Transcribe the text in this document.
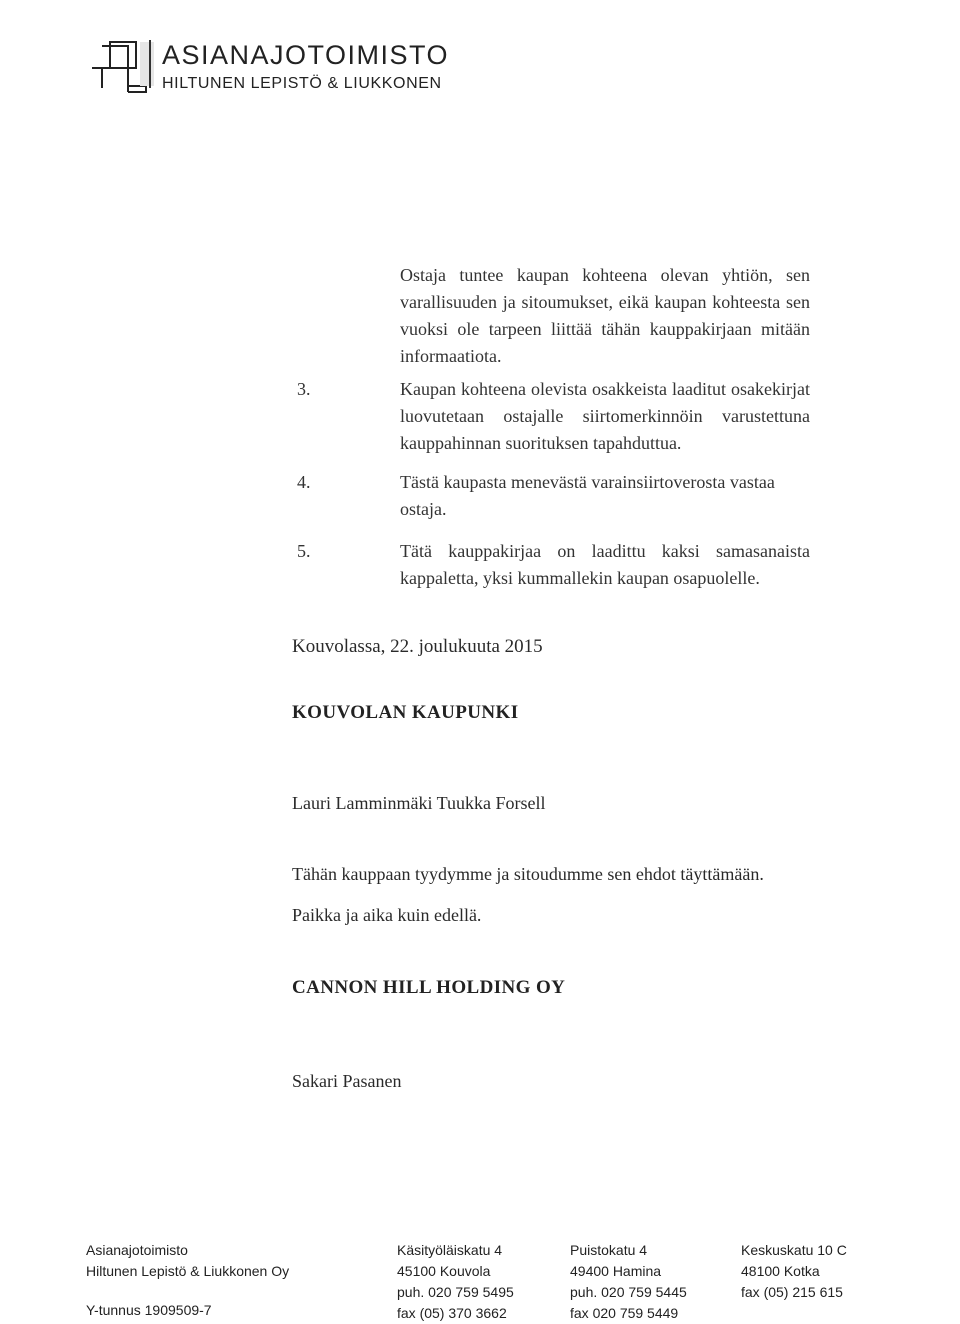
ASIANAJOTOIMISTO
HILTUNEN LEPISTÖ & LIUKKONEN
Ostaja tuntee kaupan kohteena olevan yhtiön, sen varallisuuden ja sitoumukset, eikä kaupan kohteesta sen vuoksi ole tarpeen liittää tähän kauppakirjaan mitään informaatiota.
3.	Kaupan kohteena olevista osakkeista laaditut osakekirjat luovutetaan ostajalle siirtomerkinnöin varustettuna kauppahinnan suorituksen tapahduttua.
4.	Tästä kaupasta menevästä varainsiirtoverosta vastaa ostaja.
5.	Tätä kauppakirjaa on laadittu kaksi samasanaista kappaletta, yksi kummallekin kaupan osapuolelle.
Kouvolassa, 22. joulukuuta 2015
KOUVOLAN KAUPUNKI
Lauri Lamminmäki Tuukka Forsell
Tähän kauppaan tyydymme ja sitoudumme sen ehdot täyttämään.
Paikka ja aika kuin edellä.
CANNON HILL HOLDING OY
Sakari Pasanen
Asianajotoimisto
Hiltunen Lepistö & Liukkonen Oy
Y-tunnus 1909509-7
Käsityöläiskatu 4
45100 Kouvola
puh. 020 759 5495
fax (05) 370 3662
Puistokatu 4
49400 Hamina
puh. 020 759 5445
fax 020 759 5449
Keskuskatu 10 C
48100 Kotka
fax (05) 215 615
